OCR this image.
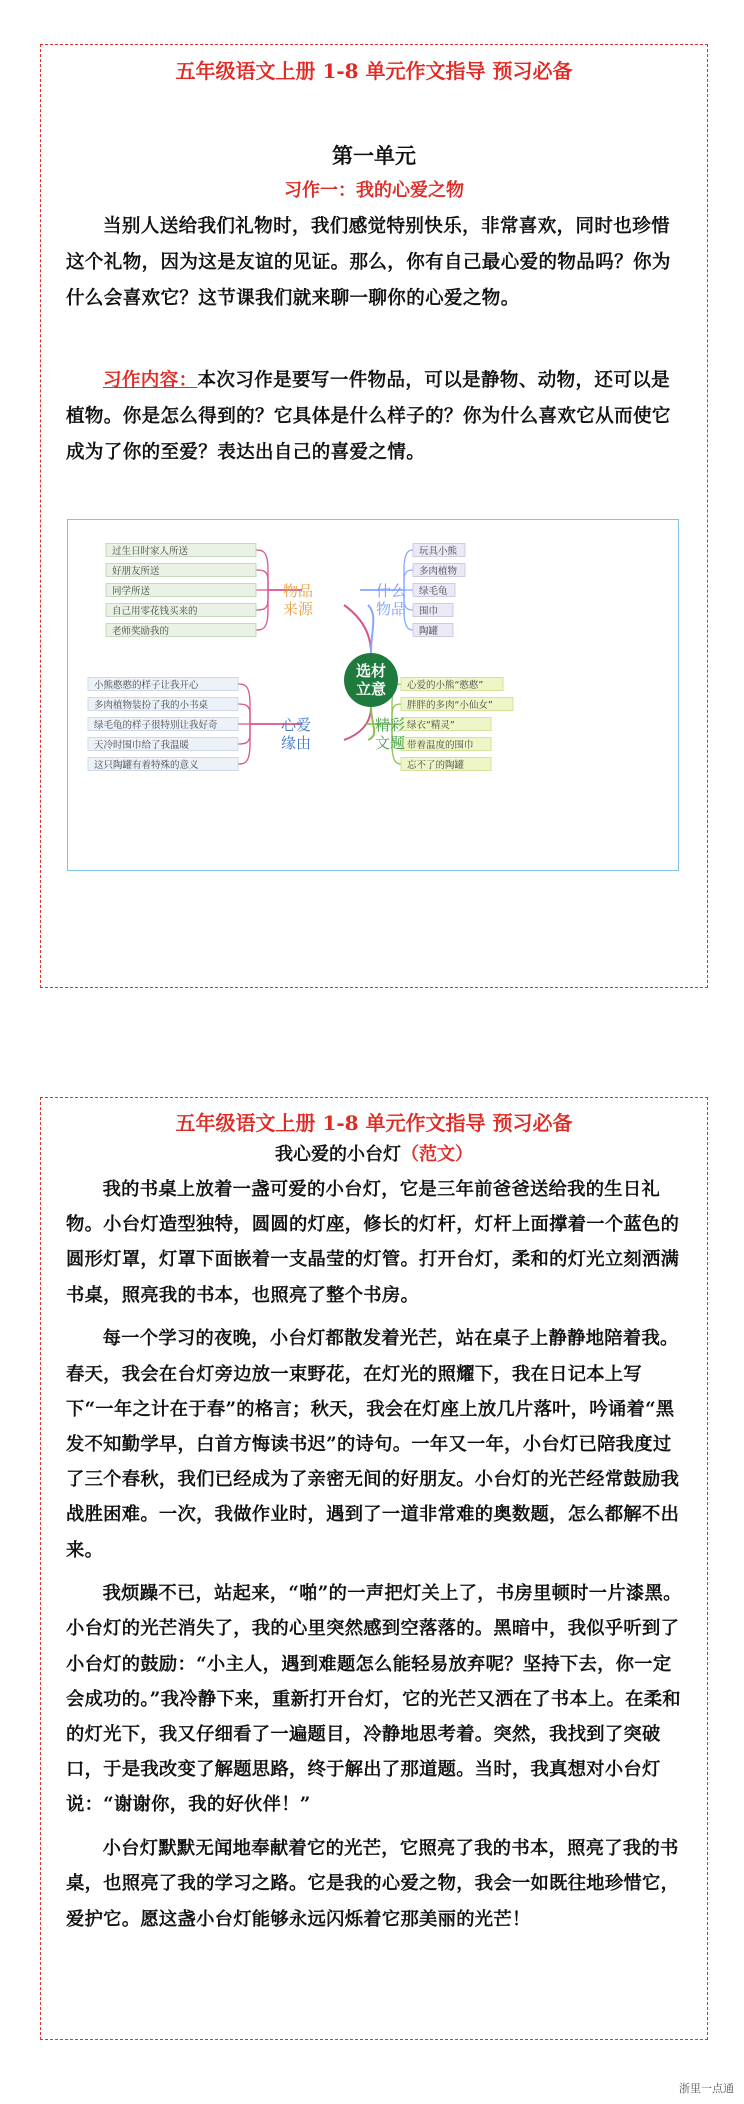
五年级语文上册 1-8 单元作文指导 预习必备
第一单元
习作一：我的心爱之物

当别人送给我们礼物时，我们感觉特别快乐，非常喜欢，同时也珍惜这个礼物，因为这是友谊的见证。那么，你有自己最心爱的物品吗？你为什么会喜欢它？这节课我们就来聊一聊你的心爱之物。

习作内容：本次习作是要写一件物品，可以是静物、动物，还可以是植物。你是怎么得到的？它具体是什么样子的？你为什么喜欢它从而使它成为了你的至爱？表达出自己的喜爱之情。

过生日时家人所送
好朋友所送
同学所送
自己用零花钱买来的
老师奖励我的
玩具小熊
多肉植物
绿毛龟
围巾
陶罐
小熊憨憨的样子让我开心
多肉植物装扮了我的小书桌
绿毛龟的样子很特别让我好奇
天冷时围巾给了我温暖
这只陶罐有着特殊的意义
心爱的小熊“憨憨”
胖胖的多肉“小仙女”
绿衣“精灵”
带着温度的围巾
忘不了的陶罐
选材
立意
物品
来源
什么
物品
心爱
缘由
精彩
文题
五年级语文上册 1-8 单元作文指导 预习必备
我心爱的小台灯（范文）

我的书桌上放着一盏可爱的小台灯，它是三年前爸爸送给我的生日礼物。小台灯造型独特，圆圆的灯座，修长的灯杆，灯杆上面撑着一个蓝色的圆形灯罩，灯罩下面嵌着一支晶莹的灯管。打开台灯，柔和的灯光立刻洒满书桌，照亮我的书本，也照亮了整个书房。

每一个学习的夜晚，小台灯都散发着光芒，站在桌子上静静地陪着我。春天，我会在台灯旁边放一束野花，在灯光的照耀下，我在日记本上写下“一年之计在于春”的格言；秋天，我会在灯座上放几片落叶，吟诵着“黑发不知勤学早，白首方悔读书迟”的诗句。一年又一年，小台灯已陪我度过了三个春秋，我们已经成为了亲密无间的好朋友。小台灯的光芒经常鼓励我战胜困难。一次，我做作业时，遇到了一道非常难的奥数题，怎么都解不出来。

我烦躁不已，站起来，“啪”的一声把灯关上了，书房里顿时一片漆黑。小台灯的光芒消失了，我的心里突然感到空落落的。黑暗中，我似乎听到了小台灯的鼓励：“小主人，遇到难题怎么能轻易放弃呢？坚持下去，你一定会成功的。”我冷静下来，重新打开台灯，它的光芒又洒在了书本上。在柔和的灯光下，我又仔细看了一遍题目，冷静地思考着。突然，我找到了突破口，于是我改变了解题思路，终于解出了那道题。当时，我真想对小台灯说：“谢谢你，我的好伙伴！”

小台灯默默无闻地奉献着它的光芒，它照亮了我的书本，照亮了我的书桌，也照亮了我的学习之路。它是我的心爱之物，我会一如既往地珍惜它，爱护它。愿这盏小台灯能够永远闪烁着它那美丽的光芒！

浙里一点通
